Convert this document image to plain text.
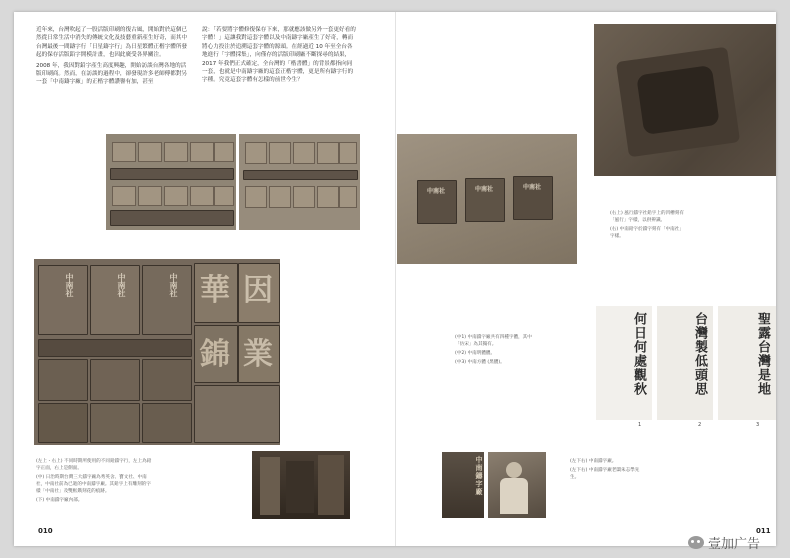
近年來，台灣吹起了一股活版印刷的復古風，開始對於這個已然從日常生活中消失的傳統文化及技藝重新產生好奇，而其中台灣最後一間鑄字行「日星鑄字行」為日星繁體正楷字體所發起的保存活版鉛字開模計畫，也因此廣受各界關注。

2008 年，我因對鉛字產生高度興趣，開始訪談台灣各地的活版印刷商。然而，在訪談的過程中，卻發現許多老師傅都對另一套「中南鑄字廠」的正楷字體讚譽有加，甚至

說：「若要將字體修復保存下來，那就應該做另外一套更好看的字體！」這讓我對這套字體以及中南鑄字廠產生了好奇，轉而將心力投注於追溯這套字體的源頭。在經過近 10 年至全台各地進行「字體採集」，向僅存的活版印刷廠不斷探尋的結果，2017 年我們正式確定，全台灣的「楷書體」的背景都指向同一套，也就是中南鑄字廠的這套正楷字體，更是所有鑄字行的字種。究竟這套字體有怎樣的前世今生？

中南社	中南社	中南社 華 因
錦 業

(左上・右上) 不同時期所使用的不同鉛鑄字行，左上為鉛字正面，右上是側面。

(中) 日治時期台灣三大鑄字廠為秀英舍、寶文社、中南社，中南社前為已逝的中南鑄字廠。其鉛字上有雕刻的字樣「中南社」及雙框鐫刻花的痕跡。

(下) 中南鑄字廠內部。

010
中南社	中南社	中南社

(右上) 風行鑄字社鉛字上的凹槽刻有「風行」字樣，以供辨識。

(右) 中南鉛字於鑄字刻有「中南社」字樣。

(中1) 中南鑄字廠共有四種字體，其中「仿宋」為其獨有。

(中2) 中南明體體。

(中3) 中南方體 (黑體)。

何日何處觀秋
台灣製低頭思
聖露台灣是地
1	2	3
中南鑄字廠	(左下右) 中南鑄字廠。

(左下右) 中南鑄字廠老闆朱志學先生。

011
壹加广告
